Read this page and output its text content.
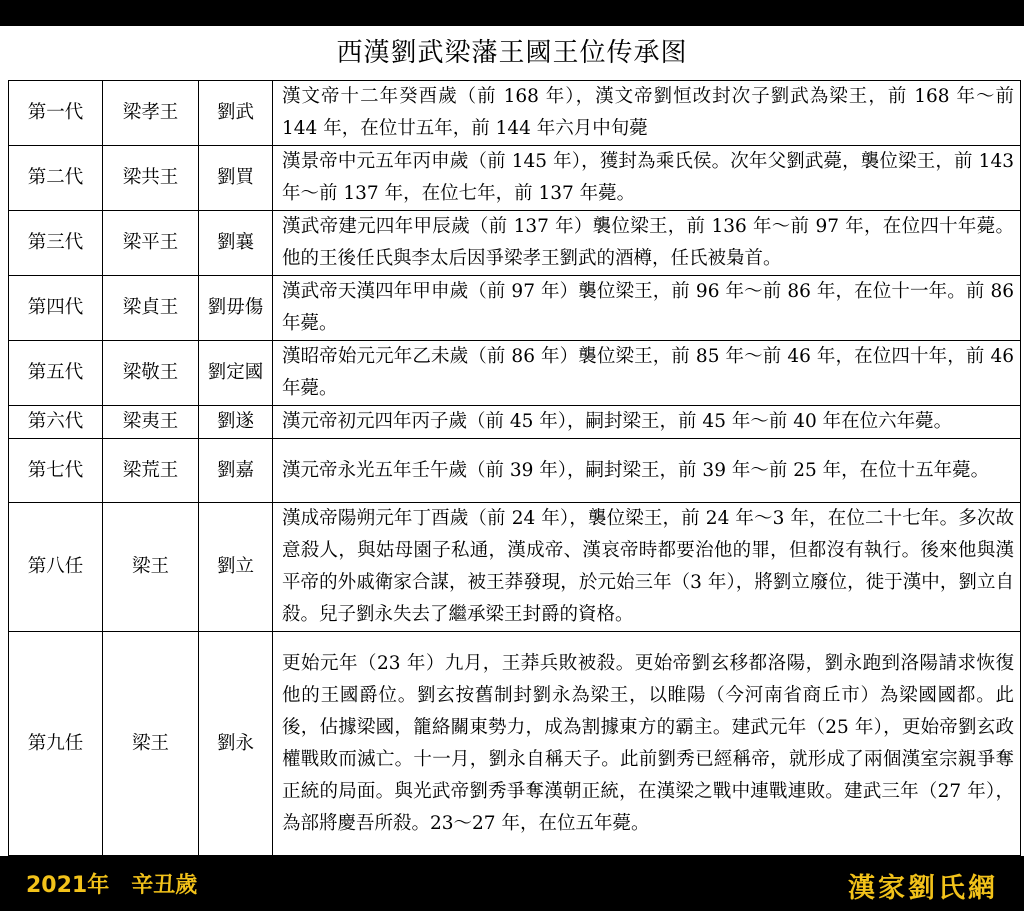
西漢劉武梁藩王國王位传承图
第一代	梁孝王	劉武	漢文帝十二年癸酉歲（前 168 年），漢文帝劉恒改封次子劉武為梁王，前 168 年～前 144 年，在位廿五年，前 144 年六月中旬薨
第二代	梁共王	劉買	漢景帝中元五年丙申歲（前 145 年），獲封為乘氏侯。次年父劉武薨，襲位梁王，前 143 年～前 137 年，在位七年，前 137 年薨。
第三代	梁平王	劉襄	漢武帝建元四年甲辰歲（前 137 年）襲位梁王，前 136 年～前 97 年，在位四十年薨。他的王後任氏與李太后因爭梁孝王劉武的酒樽，任氏被梟首。
第四代	梁貞王	劉毋傷	漢武帝天漢四年甲申歲（前 97 年）襲位梁王，前 96 年～前 86 年，在位十一年。前 86 年薨。
第五代	梁敬王	劉定國	漢昭帝始元元年乙未歲（前 86 年）襲位梁王，前 85 年～前 46 年，在位四十年，前 46 年薨。
第六代	梁夷王	劉遂	漢元帝初元四年丙子歲（前 45 年），嗣封梁王，前 45 年～前 40 年在位六年薨。
第七代	梁荒王	劉嘉	漢元帝永光五年壬午歲（前 39 年），嗣封梁王，前 39 年～前 25 年，在位十五年薨。
第八任	梁王	劉立	漢成帝陽朔元年丁酉歲（前 24 年），襲位梁王，前 24 年～3 年，在位二十七年。多次故意殺人，與姑母園子私通，漢成帝、漢哀帝時都要治他的罪，但都沒有執行。後來他與漢平帝的外戚衛家合謀，被王莽發現，於元始三年（3 年），將劉立廢位，徙于漢中，劉立自殺。兒子劉永失去了繼承梁王封爵的資格。
第九任	梁王	劉永	更始元年（23 年）九月，王莽兵敗被殺。更始帝劉玄移都洛陽，劉永跑到洛陽請求恢復他的王國爵位。劉玄按舊制封劉永為梁王，以睢陽（今河南省商丘市）為梁國國都。此後，佔據梁國，籠絡關東勢力，成為割據東方的霸主。建武元年（25 年），更始帝劉玄政權戰敗而滅亡。十一月，劉永自稱天子。此前劉秀已經稱帝，就形成了兩個漢室宗親爭奪正統的局面。與光武帝劉秀爭奪漢朝正統，在漢梁之戰中連戰連敗。建武三年（27 年），為部將慶吾所殺。23～27 年，在位五年薨。
2021年　辛丑歲	漢家劉氏網
